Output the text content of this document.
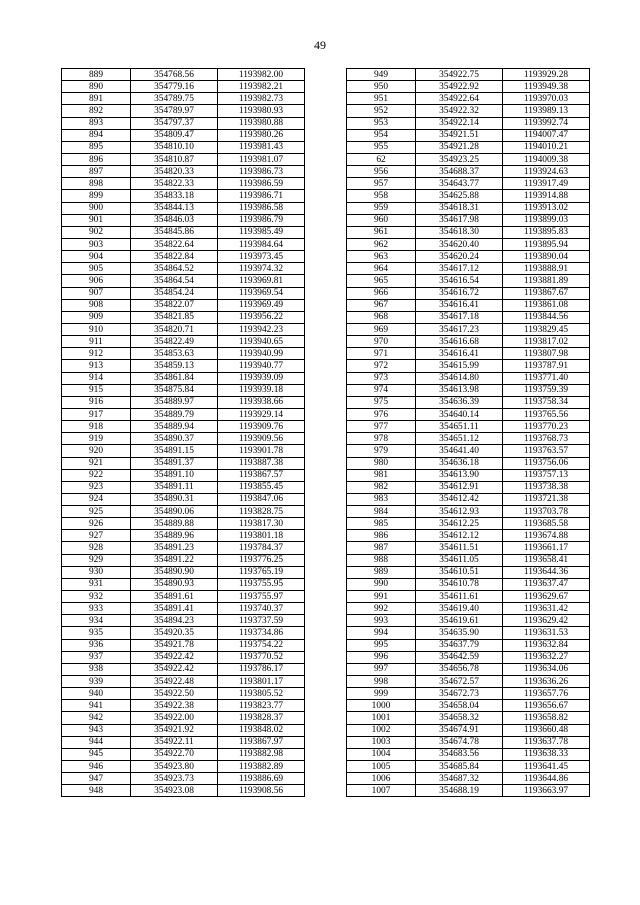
49
889	354768.56	1193982.00
890	354779.16	1193982.21
891	354789.75	1193982.73
892	354789.97	1193980.93
893	354797.37	1193980.88
894	354809.47	1193980.26
895	354810.10	1193981.43
896	354810.87	1193981.07
897	354820.33	1193986.73
898	354822.33	1193986.59
899	354833.18	1193986.71
900	354844.13	1193986.58
901	354846.03	1193986.79
902	354845.86	1193985.49
903	354822.64	1193984.64
904	354822.84	1193973.45
905	354864.52	1193974.32
906	354864.54	1193969.81
907	354854.24	1193969.54
908	354822.07	1193969.49
909	354821.85	1193956.22
910	354820.71	1193942.23
911	354822.49	1193940.65
912	354853.63	1193940.99
913	354859.13	1193940.77
914	354861.84	1193939.09
915	354875.84	1193939.18
916	354889.97	1193938.66
917	354889.79	1193929.14
918	354889.94	1193909.76
919	354890.37	1193909.56
920	354891.15	1193901.78
921	354891.37	1193887.38
922	354891.10	1193867.57
923	354891.11	1193855.45
924	354890.31	1193847.06
925	354890.06	1193828.75
926	354889.88	1193817.30
927	354889.96	1193801.18
928	354891.23	1193784.37
929	354891.22	1193776.25
930	354890.90	1193765.19
931	354890.93	1193755.95
932	354891.61	1193755.97
933	354891.41	1193740.37
934	354894.23	1193737.59
935	354920.35	1193734.86
936	354921.78	1193754.22
937	354922.42	1193770.52
938	354922.42	1193786.17
939	354922.48	1193801.17
940	354922.50	1193805.52
941	354922.38	1193823.77
942	354922.00	1193828.37
943	354921.92	1193848.02
944	354922.11	1193867.97
945	354922.70	1193882.98
946	354923.80	1193882.89
947	354923.73	1193886.69
948	354923.08	1193908.56
949	354922.75	1193929.28
950	354922.92	1193949.38
951	354922.64	1193970.03
952	354922.32	1193989.13
953	354922.14	1193992.74
954	354921.51	1194007.47
955	354921.28	1194010.21
62	354923.25	1194009.38
956	354688.37	1193924.63
957	354643.77	1193917.49
958	354625.88	1193914.88
959	354618.31	1193913.02
960	354617.98	1193899.03
961	354618.30	1193895.83
962	354620.40	1193895.94
963	354620.24	1193890.04
964	354617.12	1193888.91
965	354616.54	1193881.89
966	354616.72	1193867.67
967	354616.41	1193861.08
968	354617.18	1193844.56
969	354617.23	1193829.45
970	354616.68	1193817.02
971	354616.41	1193807.98
972	354615.99	1193787.91
973	354614.80	1193771.40
974	354613.98	1193759.39
975	354636.39	1193758.34
976	354640.14	1193765.56
977	354651.11	1193770.23
978	354651.12	1193768.73
979	354641.40	1193763.57
980	354636.18	1193756.06
981	354613.90	1193757.13
982	354612.91	1193738.38
983	354612.42	1193721.38
984	354612.93	1193703.78
985	354612.25	1193685.58
986	354612.12	1193674.88
987	354611.51	1193661.17
988	354611.05	1193658.41
989	354610.51	1193644.36
990	354610.78	1193637.47
991	354611.61	1193629.67
992	354619.40	1193631.42
993	354619.61	1193629.42
994	354635.90	1193631.53
995	354637.79	1193632.84
996	354642.59	1193632.27
997	354656.78	1193634.06
998	354672.57	1193636.26
999	354672.73	1193657.76
1000	354658.04	1193656.67
1001	354658.32	1193658.82
1002	354674.91	1193660.48
1003	354674.78	1193637.78
1004	354683.56	1193638.33
1005	354685.84	1193641.45
1006	354687.32	1193644.86
1007	354688.19	1193663.97
